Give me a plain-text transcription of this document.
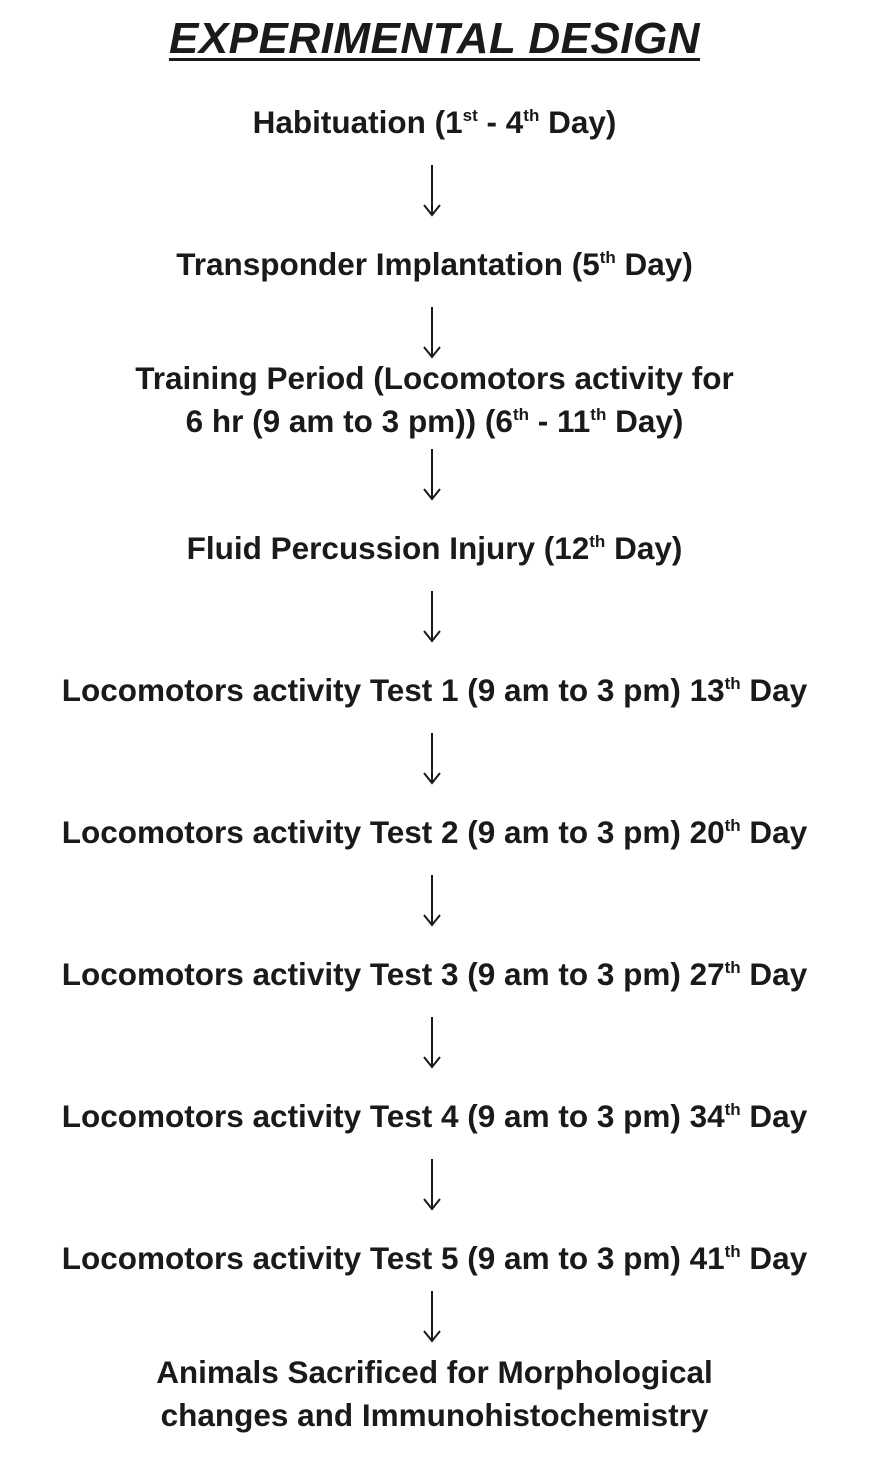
EXPERIMENTAL DESIGN
Habituation (1st - 4th Day)
Transponder Implantation (5th Day)
Training Period (Locomotors activity for
6 hr (9 am to 3 pm)) (6th - 11th Day)
Fluid Percussion Injury (12th Day)
Locomotors activity Test 1 (9 am to 3 pm) 13th Day
Locomotors activity Test 2 (9 am to 3 pm) 20th Day
Locomotors activity Test 3 (9 am to 3 pm) 27th Day
Locomotors activity Test 4 (9 am to 3 pm) 34th Day
Locomotors activity Test 5 (9 am to 3 pm) 41th Day
Animals Sacrificed for Morphological
changes and Immunohistochemistry
